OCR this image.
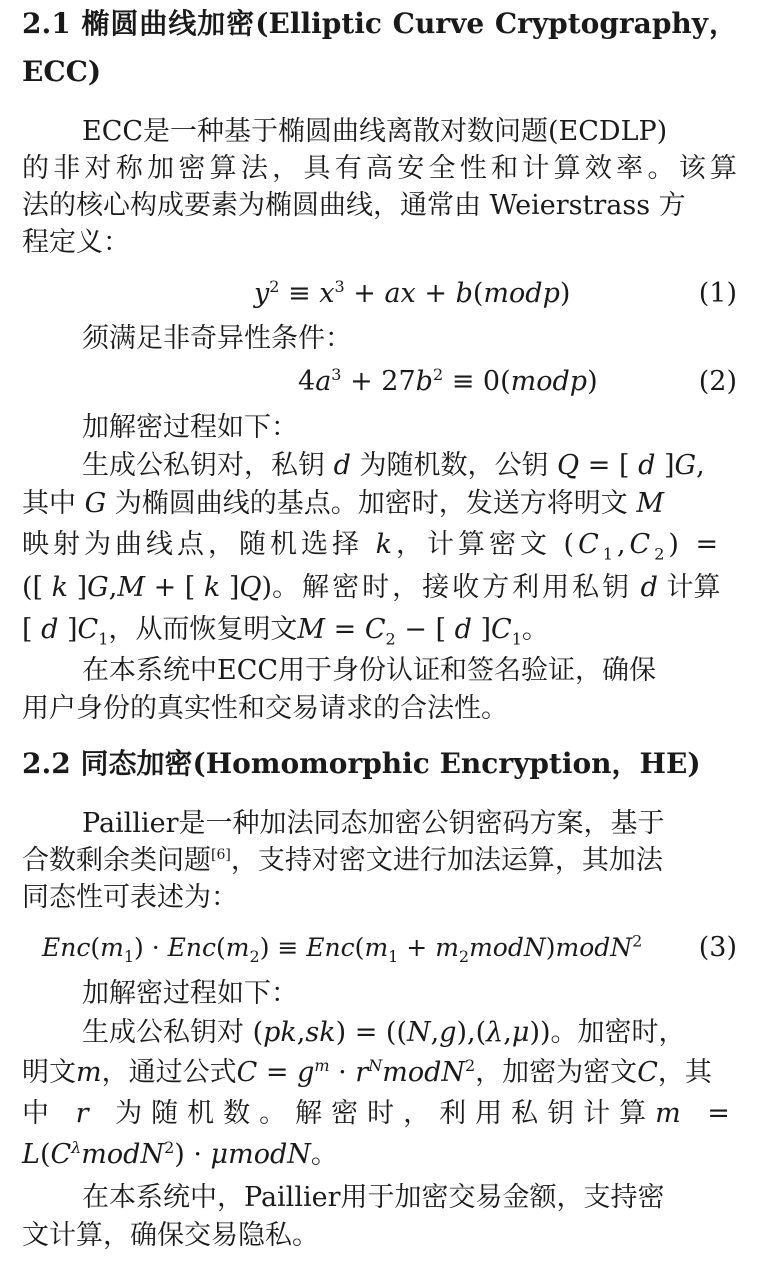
2.1 椭圆曲线加密(Elliptic Curve Cryptography，
ECC)
ECC是一种基于椭圆曲线离散对数问题(ECDLP)
的非对称加密算法，具有高安全性和计算效率。该算
法的核心构成要素为椭圆曲线，通常由 Weierstrass 方
程定义：
$y^2 \equiv x^3$ + ax + b(modp)	(1)
须满足非奇异性条件：
$4a^3 + 27b^2$ ≡ 0(modp)	(2)
加解密过程如下：
生成公私钥对，私钥 d 为随机数，公钥 Q = [ d ]G,
其中 G 为椭圆曲线的基点。加密时，发送方将明文 M
映射为曲线点，随机选择 k，计算密文 $(C_1,C_2)$ =
([ k ]G,M + [ k ]Q)。解密时，接收方利用私钥 d 计算
[ d ]$C_1$，从而恢复明文$M = C_2$ − [ d ]$C_1$。
在本系统中ECC用于身份认证和签名验证，确保
用户身份的真实性和交易请求的合法性。
2.2 同态加密(Homomorphic Encryption，HE)
Paillier是一种加法同态加密公钥密码方案，基于
合数剩余类问题[6]，支持对密文进行加法运算，其加法
同态性可表述为：
$Enc(m_1) \cdot Enc(m_2) \equiv Enc(m_1$ + $m_2modN)modN^2$ (3)
加解密过程如下：
生成公私钥对 (pk,sk) = ((N,g),(λ,μ))。加密时，
明文m，通过公式$C = g^m$ · $r^NmodN^2$，加密为密文C，其
中 r 为随机数。解密时，利用私钥计算m =
$L(C^\lambda modN^2)$ · μmodN。
在本系统中，Paillier用于加密交易金额，支持密
文计算，确保交易隐私。
